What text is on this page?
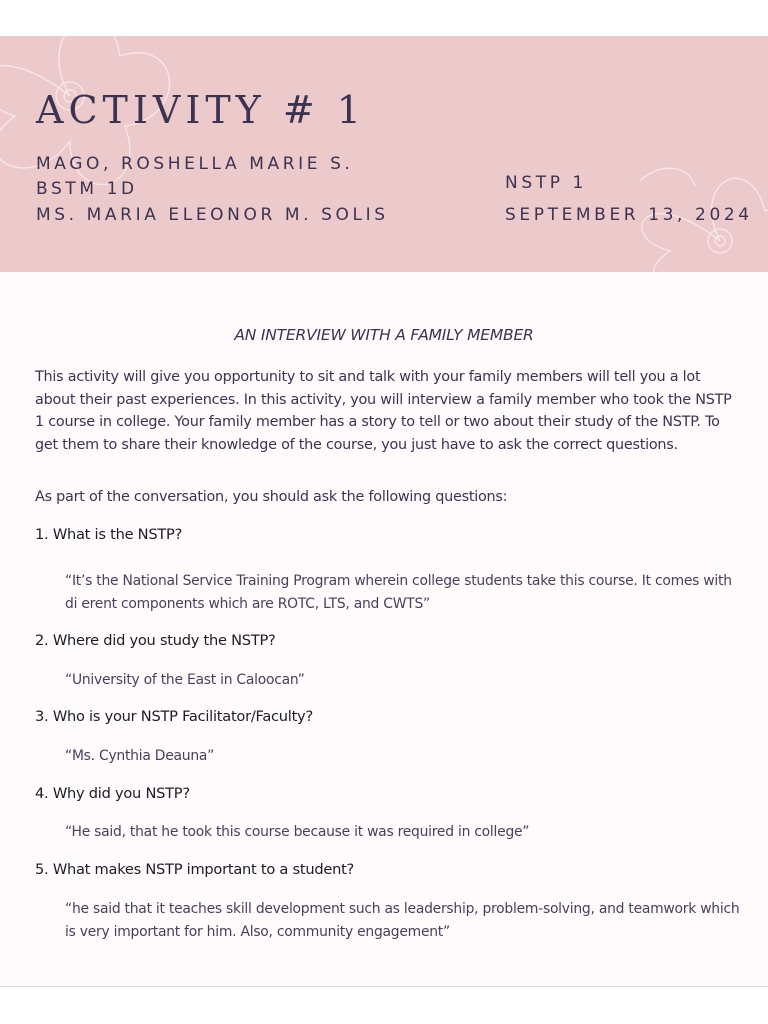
ACTIVITY # 1
MAGO, ROSHELLA MARIE S.
BSTM 1D
MS. MARIA ELEONOR M. SOLIS
NSTP 1
SEPTEMBER 13, 2024
AN INTERVIEW WITH A FAMILY MEMBER
This activity will give you opportunity to sit and talk with your family members will tell you a lot about their past experiences. In this activity, you will interview a family member who took the NSTP 1 course in college. Your family member has a story to tell or two about their study of the NSTP. To get them to share their knowledge of the course, you just have to ask the correct questions.
As part of the conversation, you should ask the following questions:
1. What is the NSTP?
“It’s the National Service Training Program wherein college students take this course. It comes with di erent components which are ROTC, LTS, and CWTS”
2. Where did you study the NSTP?
“University of the East in Caloocan”
3. Who is your NSTP Facilitator/Faculty?
“Ms. Cynthia Deauna”
4. Why did you NSTP?
“He said, that he took this course because it was required in college”
5. What makes NSTP important to a student?
“he said that it teaches skill development such as leadership, problem-solving, and teamwork which is very important for him. Also, community engagement”
